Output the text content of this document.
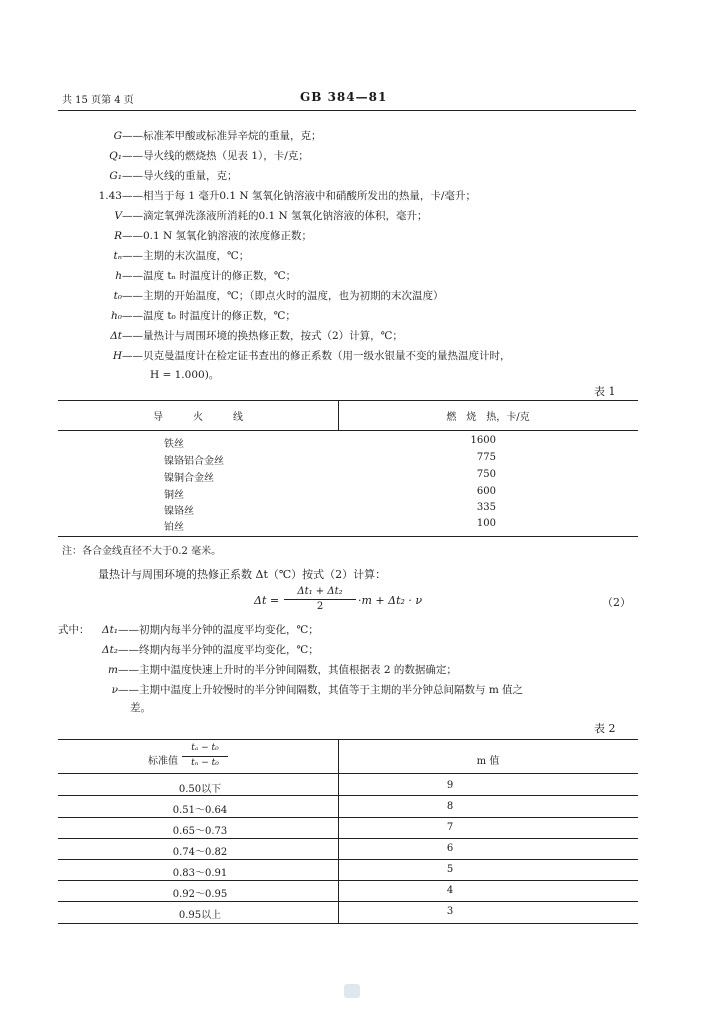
共 15 页第 4 页	GB 384—81
G——标准苯甲酸或标准异辛烷的重量，克；
Q₁——导火线的燃烧热（见表 1），卡/克；
G₁——导火线的重量，克；
1.43——相当于每 1 毫升0.1 N 氢氧化钠溶液中和硝酸所发出的热量，卡/毫升；
V——滴定氧弹洗涤液所消耗的0.1 N 氢氧化钠溶液的体积，毫升；
R——0.1 N 氢氧化钠溶液的浓度修正数；
tₙ——主期的末次温度，℃；
h——温度 tₙ 时温度计的修正数，℃；
t₀——主期的开始温度，℃；（即点火时的温度，也为初期的末次温度）
h₀——温度 t₀ 时温度计的修正数，℃；
Δt——量热计与周围环境的换热修正数，按式（2）计算，℃；
H——贝克曼温度计在检定证书查出的修正系数（用一级水银量不变的量热温度计时，
H = 1.000)。
表 1
导　　　火　　　线	燃　烧　热，卡/克
铁丝	1600
镍铬铝合金丝	775
镍铜合金丝	750
铜丝	600
镍铬丝	335
铂丝	100
注：各合金线直径不大于0.2 毫米。
量热计与周围环境的热修正系数 Δt（℃）按式（2）计算：
Δt =
Δt₁ + Δt₂
2	·m + Δt₂ · ν	（2）
式中：	Δt₁——初期内每半分钟的温度平均变化，℃；
Δt₂——终期内每半分钟的温度平均变化，℃；
m——主期中温度快速上升时的半分钟间隔数，其值根据表 2 的数据确定；
ν——主期中温度上升较慢时的半分钟间隔数，其值等于主期的半分钟总间隔数与 m 值之
差。
表 2
标准值
tₐ − t₀
tₙ − t₀	m 值
0.50以下	9
0.51～0.64	8
0.65～0.73	7
0.74～0.82	6
0.83～0.91	5
0.92～0.95	4
0.95以上	3
